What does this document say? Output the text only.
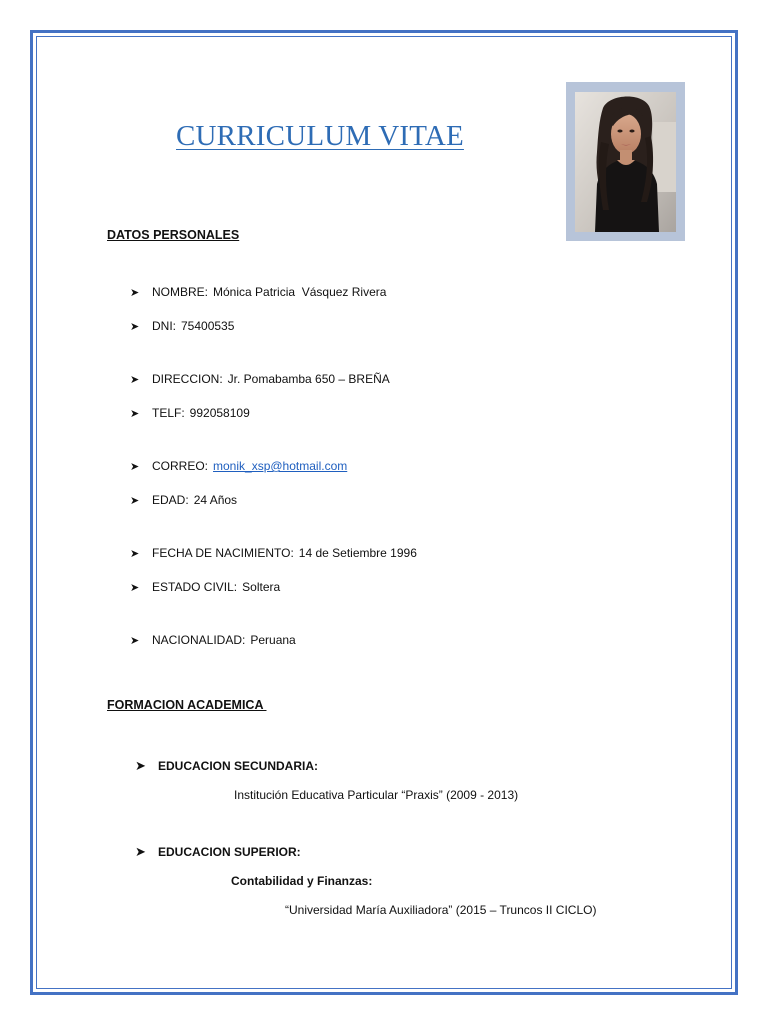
CURRICULUM VITAE
DATOS PERSONALES
➤	NOMBRE: Mónica Patricia  Vásquez Rivera
➤	DNI: 75400535
➤	DIRECCION: Jr. Pomabamba 650 – BREÑA
➤	TELF: 992058109
➤	CORREO: monik_xsp@hotmail.com
➤	EDAD: 24 Años
➤	FECHA DE NACIMIENTO: 14 de Setiembre 1996
➤	ESTADO CIVIL: Soltera
➤	NACIONALIDAD: Peruana
FORMACION ACADEMICA
➤	EDUCACION SECUNDARIA:
Institución Educativa Particular “Praxis” (2009 - 2013)
➤	EDUCACION SUPERIOR:
Contabilidad y Finanzas:
“Universidad María Auxiliadora” (2015 – Truncos II CICLO)
